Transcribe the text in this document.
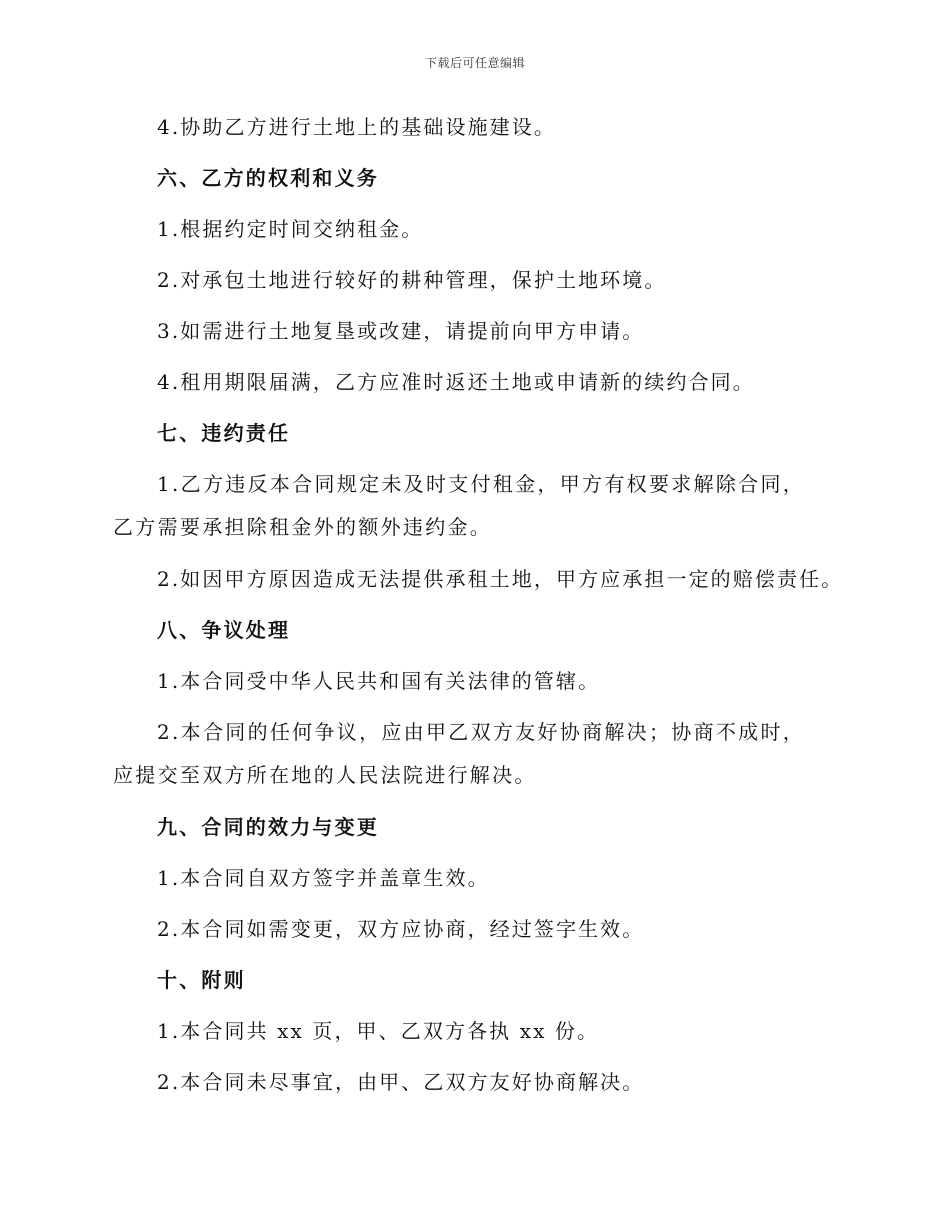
下载后可任意编辑
4.协助乙方进行土地上的基础设施建设。
六、乙方的权利和义务
1.根据约定时间交纳租金。
2.对承包土地进行较好的耕种管理，保护土地环境。
3.如需进行土地复垦或改建，请提前向甲方申请。
4.租用期限届满，乙方应准时返还土地或申请新的续约合同。
七、违约责任
1.乙方违反本合同规定未及时支付租金，甲方有权要求解除合同，乙方需要承担除租金外的额外违约金。
2.如因甲方原因造成无法提供承租土地，甲方应承担一定的赔偿责任。
八、争议处理
1.本合同受中华人民共和国有关法律的管辖。
2.本合同的任何争议，应由甲乙双方友好协商解决；协商不成时，应提交至双方所在地的人民法院进行解决。
九、合同的效力与变更
1.本合同自双方签字并盖章生效。
2.本合同如需变更，双方应协商，经过签字生效。
十、附则
1.本合同共 xx 页，甲、乙双方各执 xx 份。
2.本合同未尽事宜，由甲、乙双方友好协商解决。
